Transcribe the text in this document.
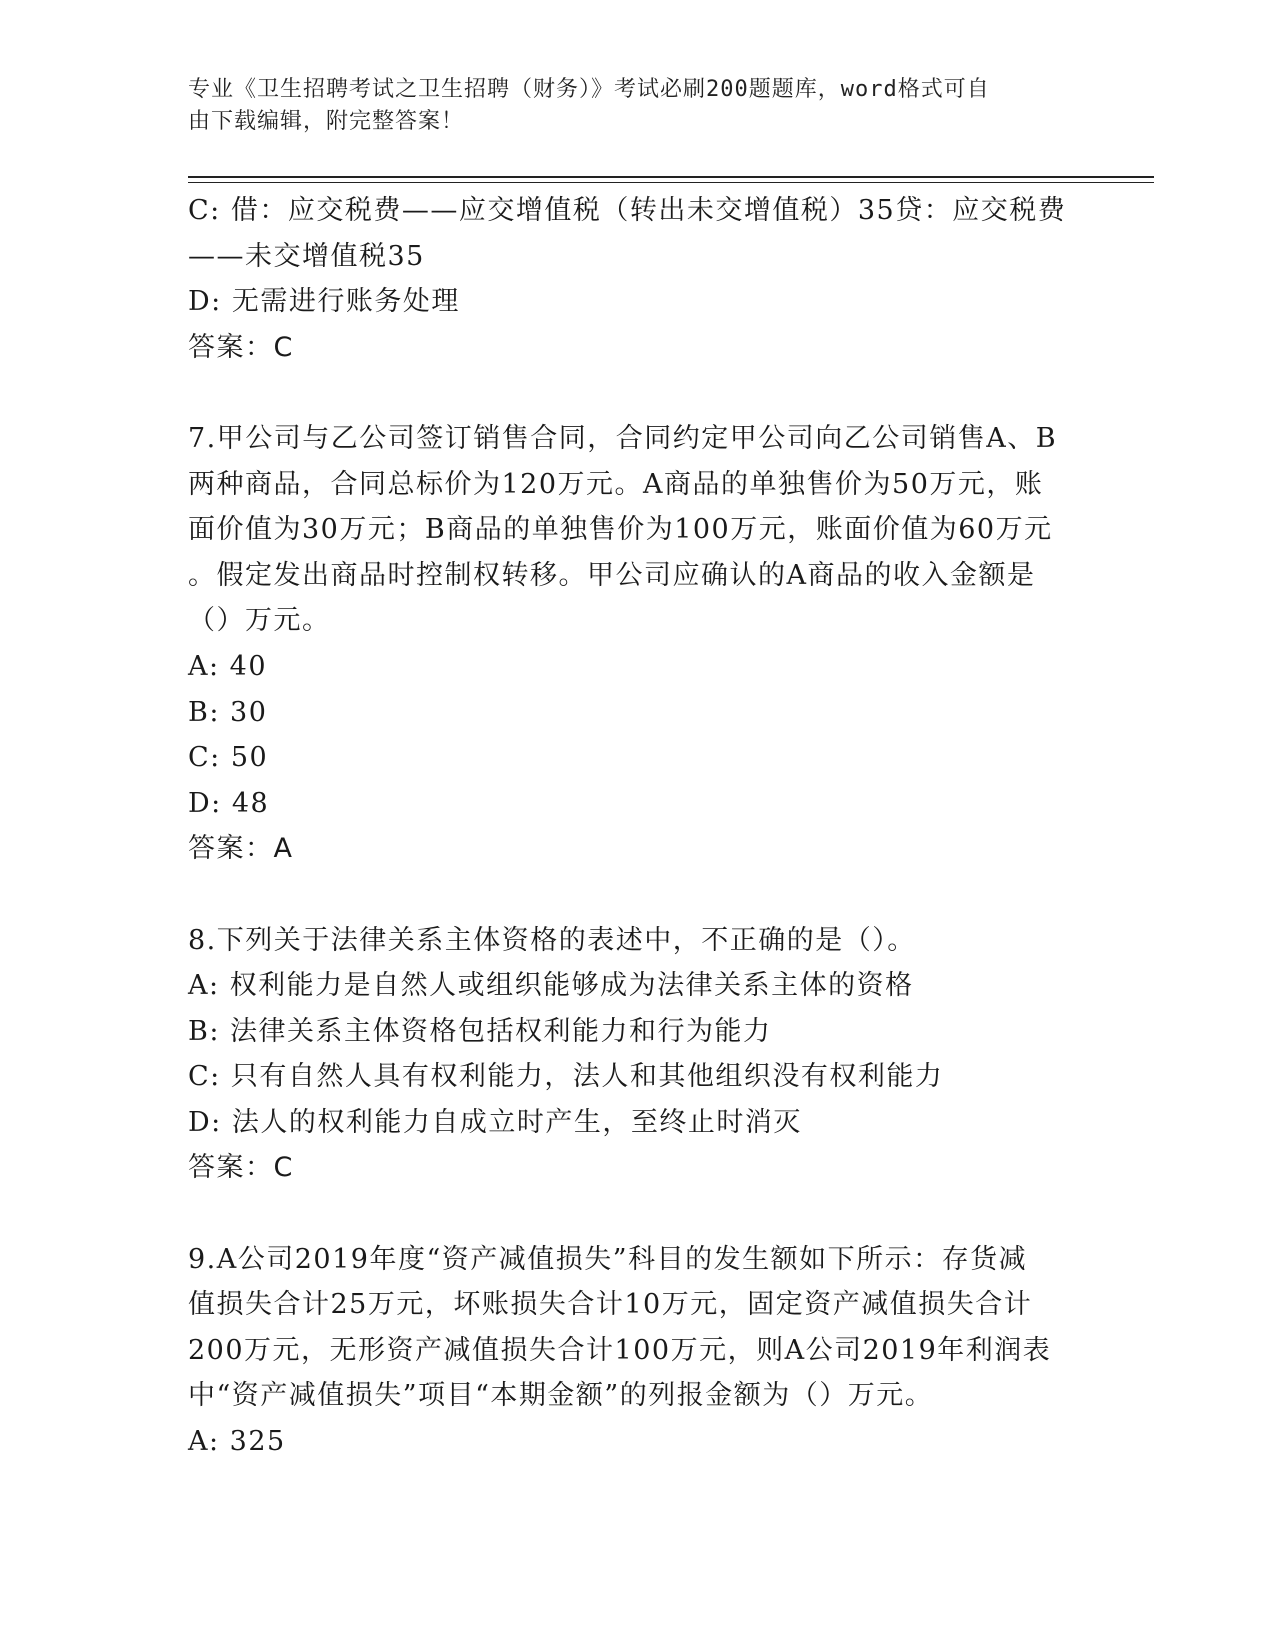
专业《卫生招聘考试之卫生招聘（财务）》考试必刷200题题库，word格式可自
由下载编辑，附完整答案！

C: 借：应交税费——应交增值税（转出未交增值税）35贷：应交税费

——未交增值税35

D: 无需进行账务处理

答案：C

7.甲公司与乙公司签订销售合同，合同约定甲公司向乙公司销售A、B

两种商品，合同总标价为120万元。A商品的单独售价为50万元，账

面价值为30万元；B商品的单独售价为100万元，账面价值为60万元

。假定发出商品时控制权转移。甲公司应确认的A商品的收入金额是

（）万元。

A: 40

B: 30

C: 50

D: 48

答案：A

8.下列关于法律关系主体资格的表述中，不正确的是（）。

A: 权利能力是自然人或组织能够成为法律关系主体的资格

B: 法律关系主体资格包括权利能力和行为能力

C: 只有自然人具有权利能力，法人和其他组织没有权利能力

D: 法人的权利能力自成立时产生，至终止时消灭

答案：C

9.A公司2019年度“资产减值损失”科目的发生额如下所示：存货减

值损失合计25万元，坏账损失合计10万元，固定资产减值损失合计

200万元，无形资产减值损失合计100万元，则A公司2019年利润表

中“资产减值损失”项目“本期金额”的列报金额为（）万元。

A: 325
